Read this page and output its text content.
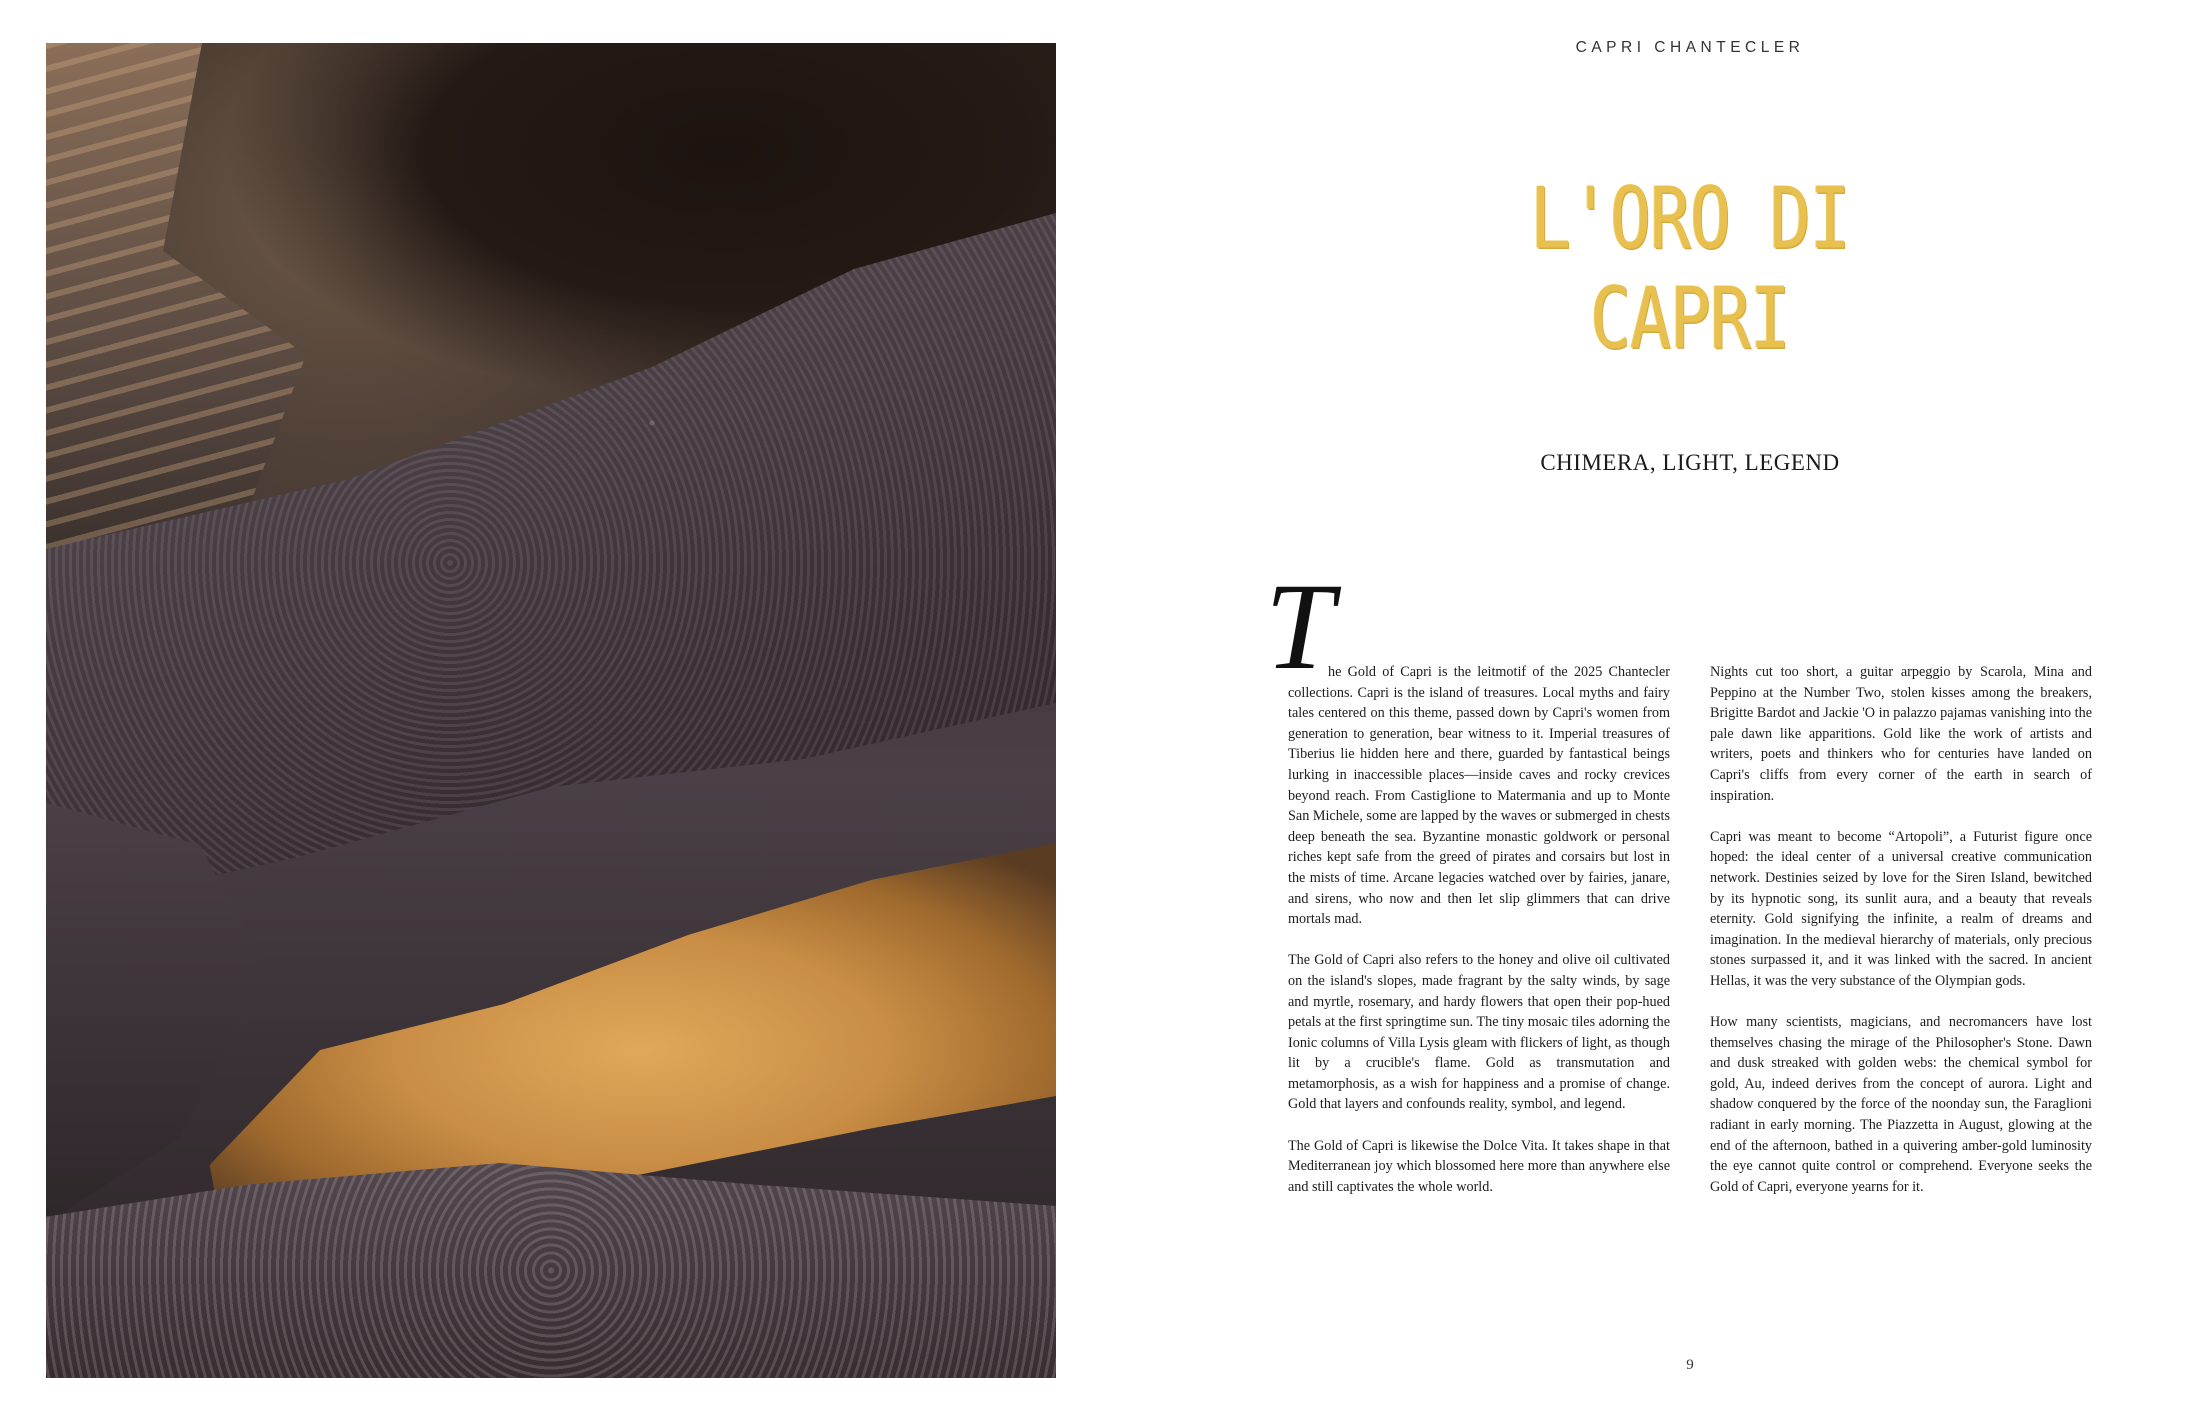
CAPRI CHANTECLER
L'ORO DI CAPRI
CHIMERA, LIGHT, LEGEND
T

he Gold of Capri is the leitmotif of the 2025 Chantecler collections. Capri is the island of treasures. Local myths and fairy tales centered on this theme, passed down by Capri's women from generation to generation, bear witness to it. Imperial treasures of Tiberius lie hidden here and there, guarded by fantastical beings lurking in inaccessible places—inside caves and rocky crevices beyond reach. From Castiglione to Matermania and up to Monte San Michele, some are lapped by the waves or submerged in chests deep beneath the sea. Byzantine monastic goldwork or personal riches kept safe from the greed of pirates and corsairs but lost in the mists of time. Arcane legacies watched over by fairies, janare, and sirens, who now and then let slip glimmers that can drive mortals mad.

The Gold of Capri also refers to the honey and olive oil cultivated on the island's slopes, made fragrant by the salty winds, by sage and myrtle, rosemary, and hardy flowers that open their pop-hued petals at the first springtime sun. The tiny mosaic tiles adorning the Ionic columns of Villa Lysis gleam with flickers of light, as though lit by a crucible's flame. Gold as transmutation and metamorphosis, as a wish for happiness and a promise of change. Gold that layers and confounds reality, symbol, and legend.

The Gold of Capri is likewise the Dolce Vita. It takes shape in that Mediterranean joy which blossomed here more than anywhere else and still captivates the whole world.

Nights cut too short, a guitar arpeggio by Scarola, Mina and Peppino at the Number Two, stolen kisses among the breakers, Brigitte Bardot and Jackie 'O in palazzo pajamas vanishing into the pale dawn like apparitions. Gold like the work of artists and writers, poets and thinkers who for centuries have landed on Capri's cliffs from every corner of the earth in search of inspiration.

Capri was meant to become “Artopoli”, a Futurist figure once hoped: the ideal center of a universal creative communication network. Destinies seized by love for the Siren Island, bewitched by its hypnotic song, its sunlit aura, and a beauty that reveals eternity. Gold signifying the infinite, a realm of dreams and imagination. In the medieval hierarchy of materials, only precious stones surpassed it, and it was linked with the sacred. In ancient Hellas, it was the very substance of the Olympian gods.

How many scientists, magicians, and necromancers have lost themselves chasing the mirage of the Philosopher's Stone. Dawn and dusk streaked with golden webs: the chemical symbol for gold, Au, indeed derives from the concept of aurora. Light and shadow conquered by the force of the noonday sun, the Faraglioni radiant in early morning. The Piazzetta in August, glowing at the end of the afternoon, bathed in a quivering amber-gold luminosity the eye cannot quite control or comprehend. Everyone seeks the Gold of Capri, everyone yearns for it.

9
